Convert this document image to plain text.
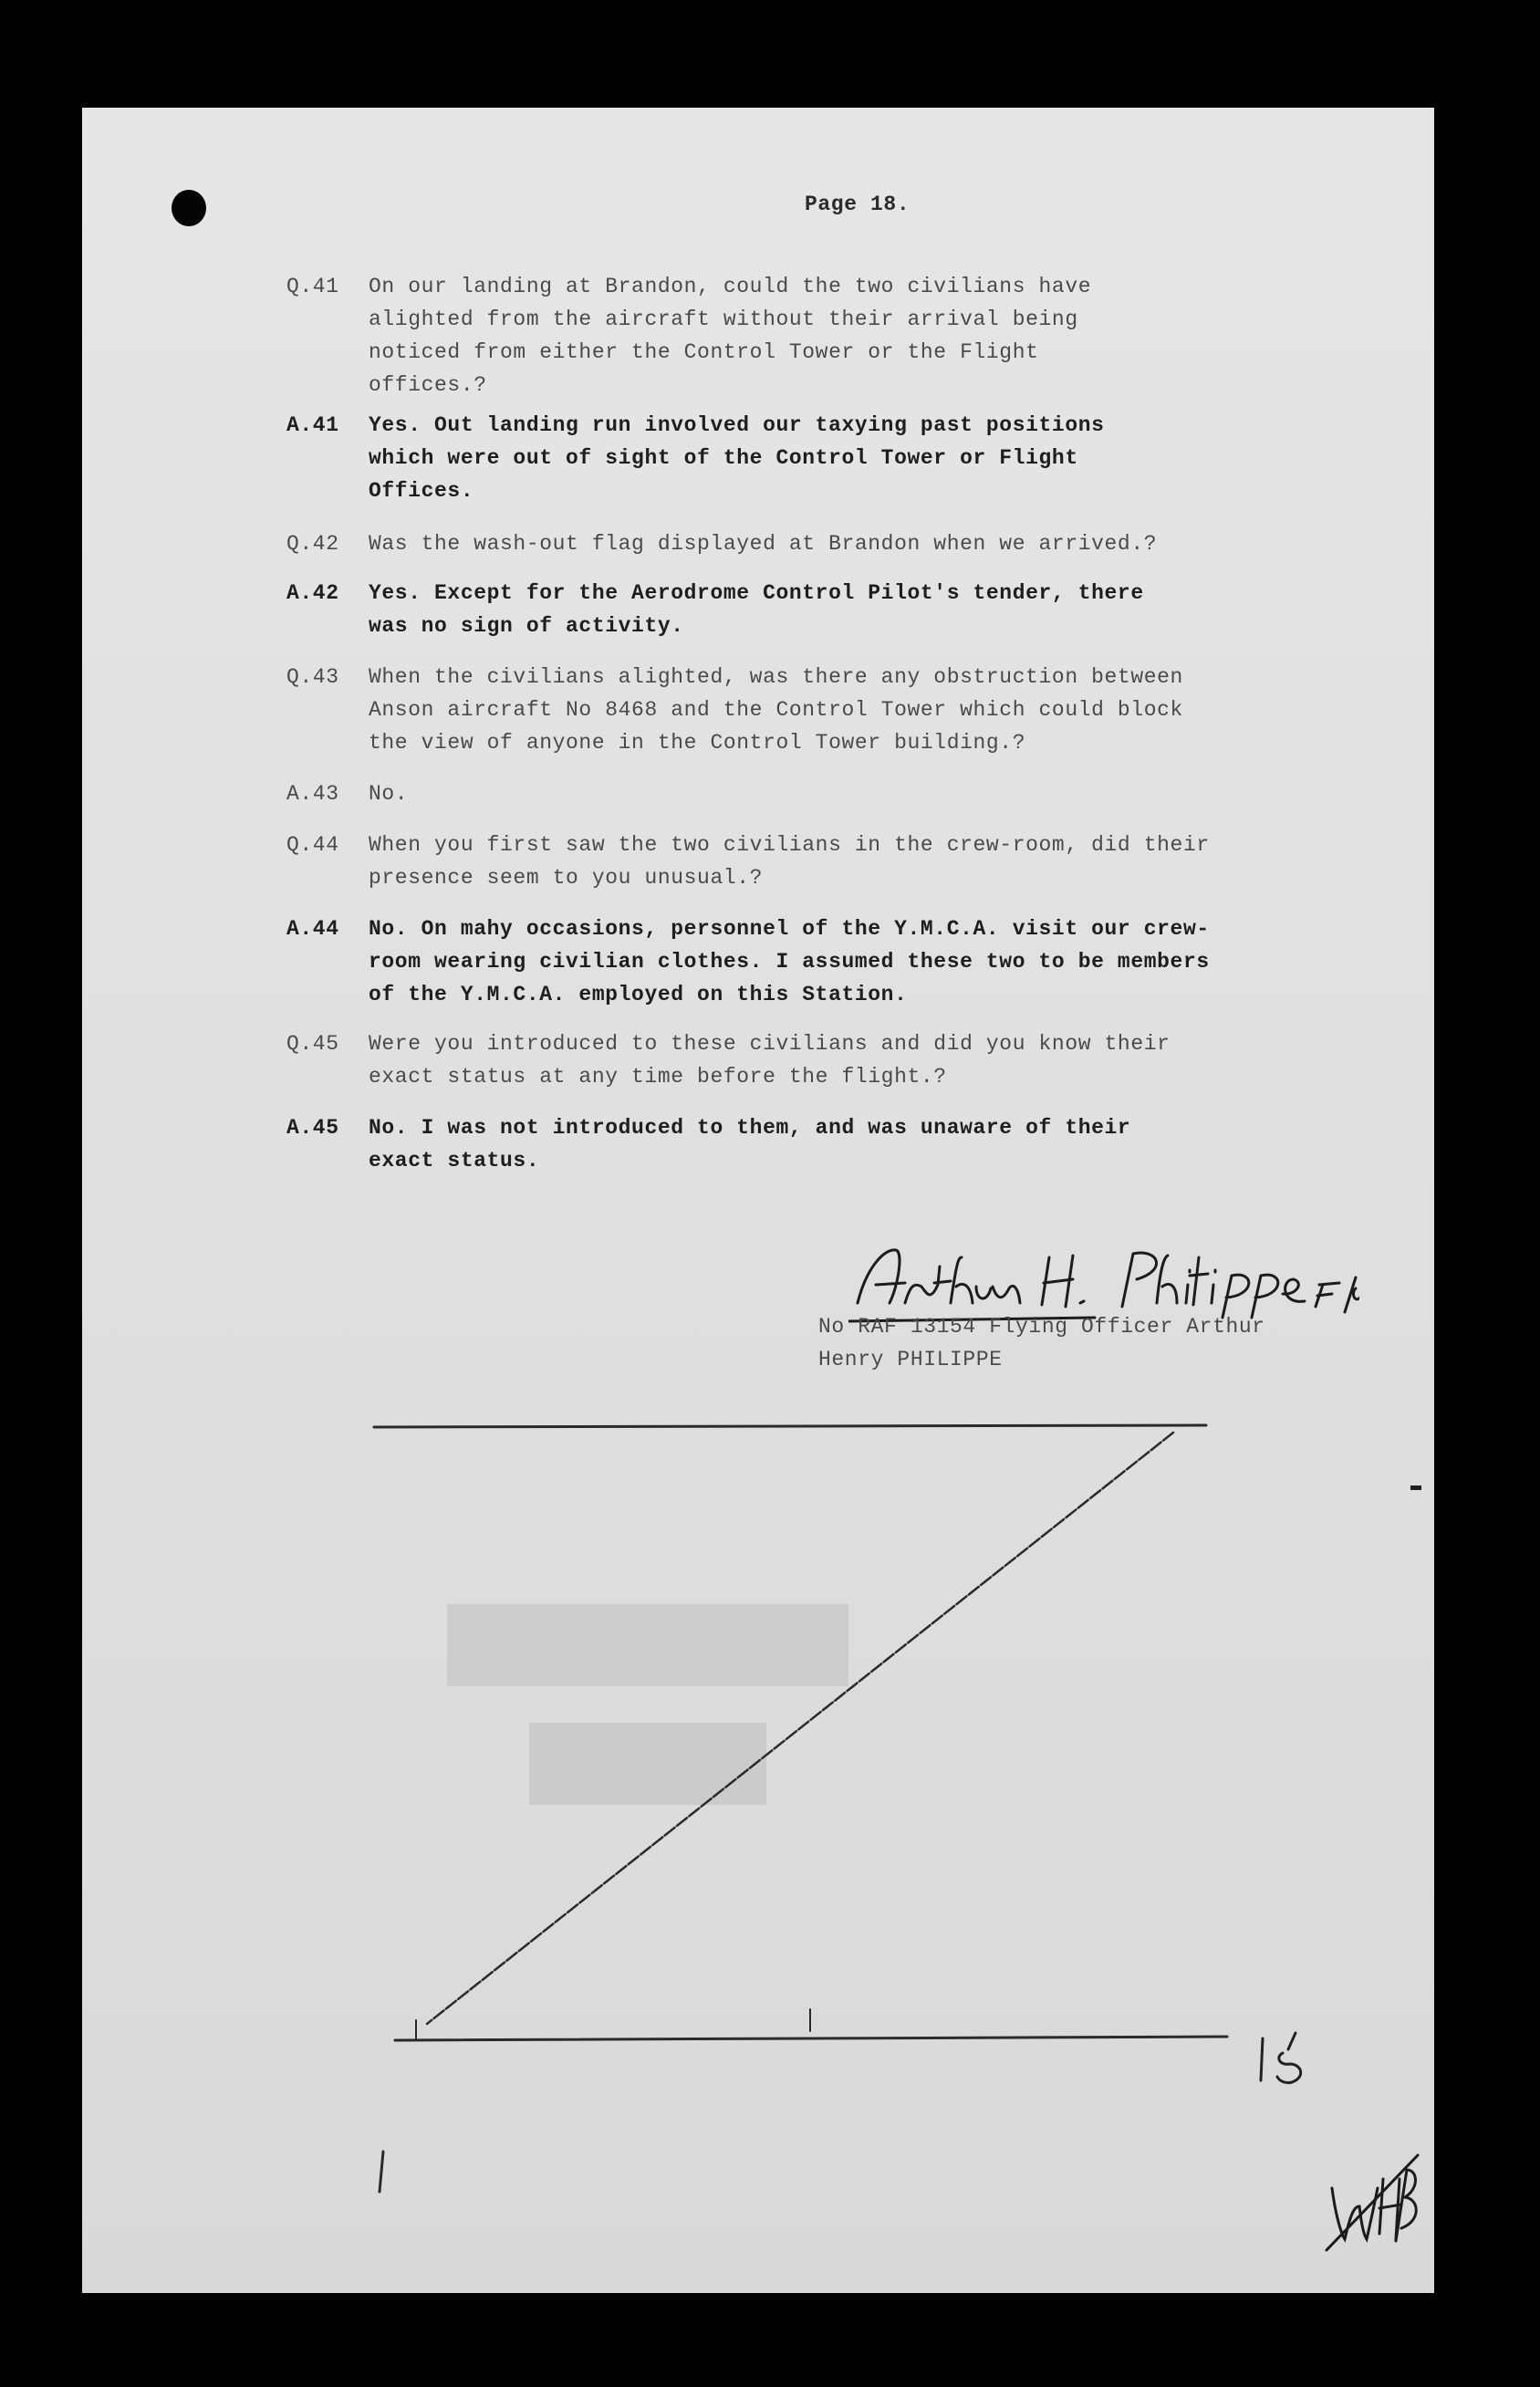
Page 18.
Q.41	On our landing at Brandon, could the two civilians have
alighted from the aircraft without their arrival being
noticed from either the Control Tower or the Flight
offices.?
A.41	Yes. Out landing run involved our taxying past positions
which were out of sight of the Control Tower or Flight
Offices.
Q.42	Was the wash-out flag displayed at Brandon when we arrived.?
A.42	Yes. Except for the Aerodrome Control Pilot's tender, there
was no sign of activity.
Q.43	When the civilians alighted, was there any obstruction between
Anson aircraft No 8468 and the Control Tower which could block
the view of anyone in the Control Tower building.?
A.43	No.
Q.44	When you first saw the two civilians in the crew-room, did their
presence seem to you unusual.?
A.44	No. On mahy occasions, personnel of the Y.M.C.A. visit our crew-
room wearing civilian clothes. I assumed these two to be members
of the Y.M.C.A. employed on this Station.
Q.45	Were you introduced to these civilians and did you know their
exact status at any time before the flight.?
A.45	No. I was not introduced to them, and was unaware of their
exact status.
No RAF 13154 Flying Officer Arthur
Henry PHILIPPE
